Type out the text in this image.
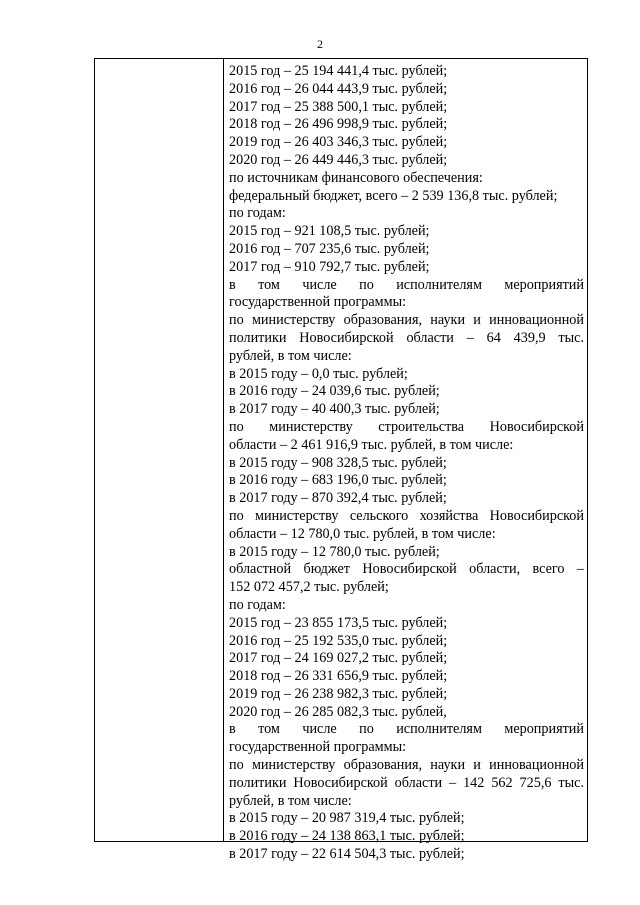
2
2015 год – 25 194 441,4 тыс. рублей;
2016 год – 26 044 443,9 тыс. рублей;
2017 год – 25 388 500,1 тыс. рублей;
2018 год – 26 496 998,9 тыс. рублей;
2019 год – 26 403 346,3 тыс. рублей;
2020 год – 26 449 446,3 тыс. рублей;
по источникам финансового обеспечения:
федеральный бюджет, всего – 2 539 136,8 тыс. рублей;
по годам:
2015 год – 921 108,5 тыс. рублей;
2016 год – 707 235,6 тыс. рублей;
2017 год – 910 792,7 тыс. рублей;
в том числе по исполнителям мероприятий
государственной программы:
по министерству образования, науки и инновационной
политики Новосибирской области – 64 439,9 тыс.
рублей, в том числе:
в 2015 году – 0,0 тыс. рублей;
в 2016 году – 24 039,6 тыс. рублей;
в 2017 году – 40 400,3 тыс. рублей;
по министерству строительства Новосибирской
области – 2 461 916,9 тыс. рублей, в том числе:
в 2015 году – 908 328,5 тыс. рублей;
в 2016 году – 683 196,0 тыс. рублей;
в 2017 году – 870 392,4 тыс. рублей;
по министерству сельского хозяйства Новосибирской
области – 12 780,0 тыс. рублей, в том числе:
в 2015 году – 12 780,0 тыс. рублей;
областной бюджет Новосибирской области, всего –
152 072 457,2 тыс. рублей;
по годам:
2015 год – 23 855 173,5 тыс. рублей;
2016 год – 25 192 535,0 тыс. рублей;
2017 год – 24 169 027,2 тыс. рублей;
2018 год – 26 331 656,9 тыс. рублей;
2019 год – 26 238 982,3 тыс. рублей;
2020 год – 26 285 082,3 тыс. рублей,
в том числе по исполнителям мероприятий
государственной программы:
по министерству образования, науки и инновационной
политики Новосибирской области – 142 562 725,6 тыс.
рублей, в том числе:
в 2015 году – 20 987 319,4 тыс. рублей;
в 2016 году – 24 138 863,1 тыс. рублей;
в 2017 году – 22 614 504,3 тыс. рублей;
